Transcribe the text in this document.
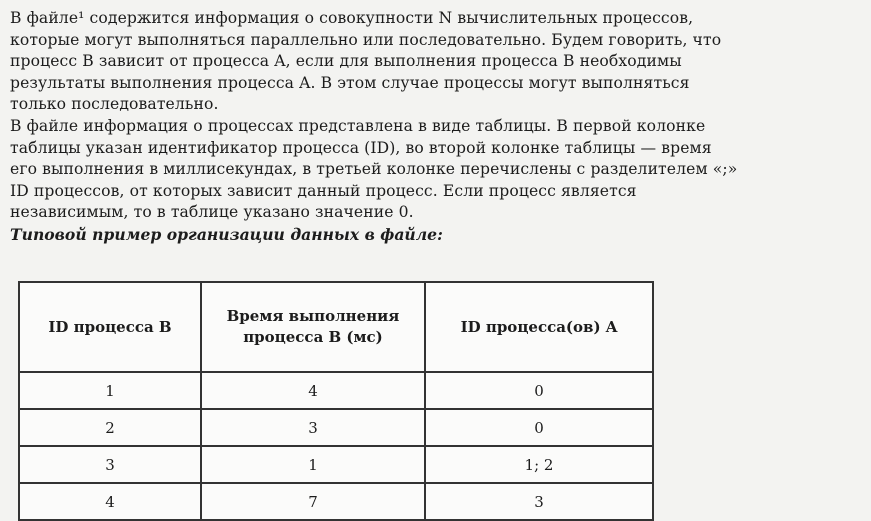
В файле¹ содержится информация о совокупности N вычислительных процессов,
которые могут выполняться параллельно или последовательно. Будем говорить, что
процесс B зависит от процесса A, если для выполнения процесса B необходимы
результаты выполнения процесса A. В этом случае процессы могут выполняться
только последовательно.

В файле информация о процессах представлена в виде таблицы. В первой колонке
таблицы указан идентификатор процесса (ID), во второй колонке таблицы — время
его выполнения в миллисекундах, в третьей колонке перечислены с разделителем «;»
ID процессов, от которых зависит данный процесс. Если процесс является
независимым, то в таблице указано значение 0.

Типовой пример организации данных в файле:

ID процесса B	Время выполнения процесса B (мс)	ID процесса(ов) A
1	4	0
2	3	0
3	1	1; 2
4	7	3
